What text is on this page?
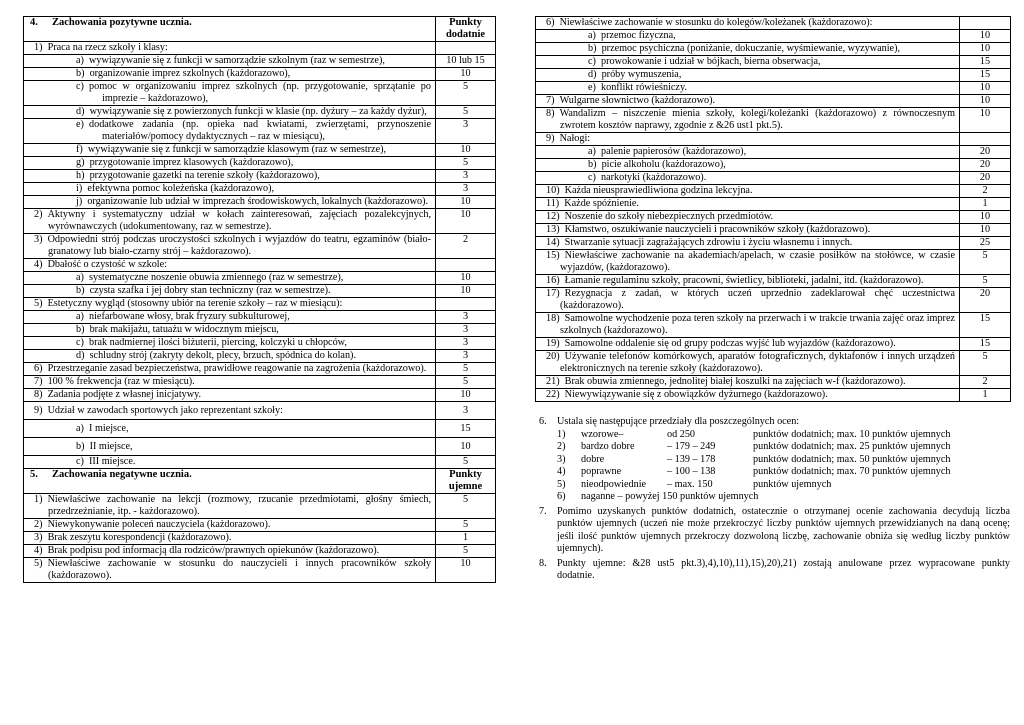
4. Zachowania pozytywne ucznia.	Punkty dodatnie
1) Praca na rzecz szkoły i klasy:	
a) wywiązywanie się z funkcji w samorządzie szkolnym (raz w semestrze),	10 lub 15
b) organizowanie imprez szkolnych (każdorazowo),	10
c) pomoc w organizowaniu imprez szkolnych (np. przygotowanie, sprzątanie po imprezie – każdorazowo),	5
d) wywiązywanie się z powierzonych funkcji w klasie (np. dyżury – za każdy dyżur),	5
e) dodatkowe zadania (np. opieka nad kwiatami, zwierzętami, przynoszenie materiałów/pomocy dydaktycznych – raz w miesiącu),	3
f) wywiązywanie się z funkcji w samorządzie klasowym (raz w semestrze),	10
g) przygotowanie imprez klasowych (każdorazowo),	5
h) przygotowanie gazetki na terenie szkoły (każdorazowo),	3
i) efektywna pomoc koleżeńska (każdorazowo),	3
j) organizowanie lub udział w imprezach środowiskowych, lokalnych (każdorazowo).	10
2) Aktywny i systematyczny udział w kołach zainteresowań, zajęciach pozalekcyjnych, wyrównawczych (udokumentowany, raz w semestrze).	10
3) Odpowiedni strój podczas uroczystości szkolnych i wyjazdów do teatru, egzaminów (biało-granatowy lub biało-czarny strój – każdorazowo).	2
4) Dbałość o czystość w szkole:	
a) systematyczne noszenie obuwia zmiennego (raz w semestrze),	10
b) czysta szafka i jej dobry stan techniczny (raz w semestrze).	10
5) Estetyczny wygląd (stosowny ubiór na terenie szkoły – raz w miesiącu):	
a) niefarbowane włosy, brak fryzury subkulturowej,	3
b) brak makijażu, tatuażu w widocznym miejscu,	3
c) brak nadmiernej ilości biżuterii, piercing, kolczyki u chłopców,	3
d) schludny strój (zakryty dekolt, plecy, brzuch, spódnica do kolan).	3
6) Przestrzeganie zasad bezpieczeństwa, prawidłowe reagowanie na zagrożenia (każdorazowo).	5
7) 100 % frekwencja (raz w miesiącu).	5
8) Zadania podjęte z własnej inicjatywy.	10
9) Udział w zawodach sportowych jako reprezentant szkoły:	3
a) I miejsce,	15
b) II miejsce,	10
c) III miejsce.	5
5. Zachowania negatywne ucznia.	Punkty ujemne
1) Niewłaściwe zachowanie na lekcji (rozmowy, rzucanie przedmiotami, głośny śmiech, przedrzeźnianie, itp. - każdorazowo).	5
2) Niewykonywanie poleceń nauczyciela (każdorazowo).	5
3) Brak zeszytu korespondencji (każdorazowo).	1
4) Brak podpisu pod informacją dla rodziców/prawnych opiekunów (każdorazowo).	5
5) Niewłaściwe zachowanie w stosunku do nauczycieli i innych pracowników szkoły (każdorazowo).	10
6) Niewłaściwe zachowanie w stosunku do kolegów/koleżanek (każdorazowo):	
a) przemoc fizyczna,	10
b) przemoc psychiczna (poniżanie, dokuczanie, wyśmiewanie, wyzywanie),	10
c) prowokowanie i udział w bójkach, bierna obserwacja,	15
d) próby wymuszenia,	15
e) konflikt rówieśniczy.	10
7) Wulgarne słownictwo (każdorazowo).	10
8) Wandalizm – niszczenie mienia szkoły, kolegi/koleżanki (każdorazowo) z równoczesnym zwrotem kosztów naprawy, zgodnie z &26 ust1 pkt.5).	10
9) Nałogi:	
a) palenie papierosów (każdorazowo),	20
b) picie alkoholu (każdorazowo),	20
c) narkotyki (każdorazowo).	20
10) Każda nieusprawiedliwiona godzina lekcyjna.	2
11) Każde spóźnienie.	1
12) Noszenie do szkoły niebezpiecznych przedmiotów.	10
13) Kłamstwo, oszukiwanie nauczycieli i pracowników szkoły (każdorazowo).	10
14) Stwarzanie sytuacji zagrażających zdrowiu i życiu własnemu i innych.	25
15) Niewłaściwe zachowanie na akademiach/apelach, w czasie posiłków na stołówce, w czasie wyjazdów, (każdorazowo).	5
16) Łamanie regulaminu szkoły, pracowni, świetlicy, biblioteki, jadalni, itd. (każdorazowo).	5
17) Rezygnacja z zadań, w których uczeń uprzednio zadeklarował chęć uczestnictwa (każdorazowo).	20
18) Samowolne wychodzenie poza teren szkoły na przerwach i w trakcie trwania zajęć oraz imprez szkolnych (każdorazowo).	15
19) Samowolne oddalenie się od grupy podczas wyjść lub wyjazdów (każdorazowo).	15
20) Używanie telefonów komórkowych, aparatów fotograficznych, dyktafonów i innych urządzeń elektronicznych na terenie szkoły (każdorazowo).	5
21) Brak obuwia zmiennego, jednolitej białej koszulki na zajęciach w-f (każdorazowo).	2
22) Niewywiązywanie się z obowiązków dyżurnego (każdorazowo).	1
6. Ustala się następujące przedziały dla poszczególnych ocen:
1) wzorowe–	od 250	punktów dodatnich; max. 10 punktów ujemnych
2) bardzo dobre	– 179 – 249	punktów dodatnich; max. 25 punktów ujemnych
3) dobre	– 139 – 178	punktów dodatnich; max. 50 punktów ujemnych
4) poprawne	– 100 – 138	punktów dodatnich; max. 70 punktów ujemnych
5) nieodpowiednie – max. 150	punktów ujemnych
6) naganne – powyżej 150 punktów ujemnych
7. Pomimo uzyskanych punktów dodatnich, ostatecznie o otrzymanej ocenie zachowania decydują liczba punktów ujemnych (uczeń nie może przekroczyć liczby punktów ujemnych przewidzianych na daną ocenę; jeśli ilość punktów ujemnych przekroczy dozwoloną liczbę, zachowanie obniża się według liczby punktów ujemnych).
8. Punkty ujemne: &28 ust5 pkt.3),4),10),11),15),20),21) zostają anulowane przez wypracowane punkty dodatnie.
